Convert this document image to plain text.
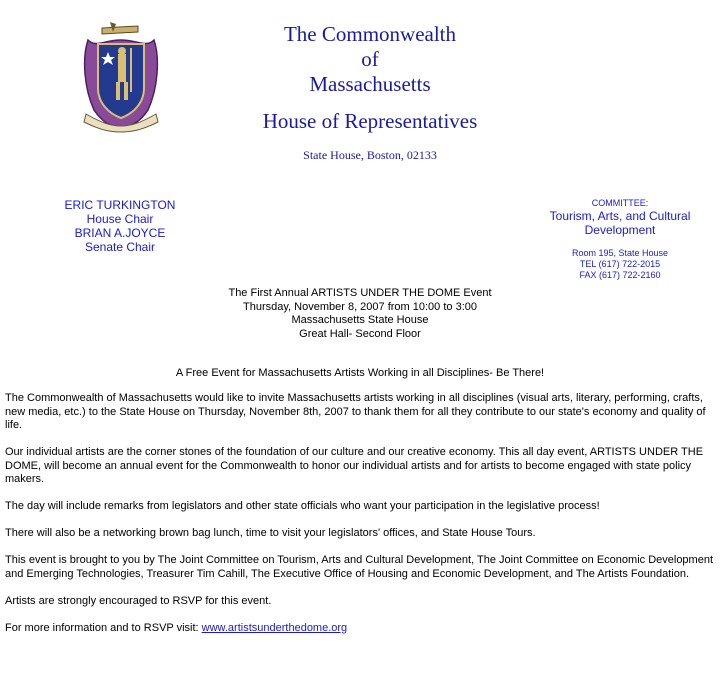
The Commonwealth
of
Massachusetts
House of Representatives
State House, Boston, 02133
ERIC TURKINGTON
House Chair
BRIAN A.JOYCE
Senate Chair
COMMITTEE:
Tourism, Arts, and Cultural
Development
Room 195, State House
TEL (617) 722-2015
FAX (617) 722-2160
The First Annual ARTISTS UNDER THE DOME Event
Thursday, November 8, 2007 from 10:00 to 3:00
Massachusetts State House
Great Hall- Second Floor
A Free Event for Massachusetts Artists Working in all Disciplines- Be There!

The Commonwealth of Massachusetts would like to invite Massachusetts artists working in all disciplines (visual arts, literary, performing, crafts, new media, etc.) to the State House on Thursday, November 8th, 2007 to thank them for all they contribute to our state's economy and quality of life.

Our individual artists are the corner stones of the foundation of our culture and our creative economy. This all day event, ARTISTS UNDER THE DOME, will become an annual event for the Commonwealth to honor our individual artists and for artists to become engaged with state policy makers.

The day will include remarks from legislators and other state officials who want your participation in the legislative process!

There will also be a networking brown bag lunch, time to visit your legislators' offices, and State House Tours.

This event is brought to you by The Joint Committee on Tourism, Arts and Cultural Development, The Joint Committee on Economic Development and Emerging Technologies, Treasurer Tim Cahill, The Executive Office of Housing and Economic Development, and The Artists Foundation.

Artists are strongly encouraged to RSVP for this event.

For more information and to RSVP visit: www.artistsunderthedome.org
